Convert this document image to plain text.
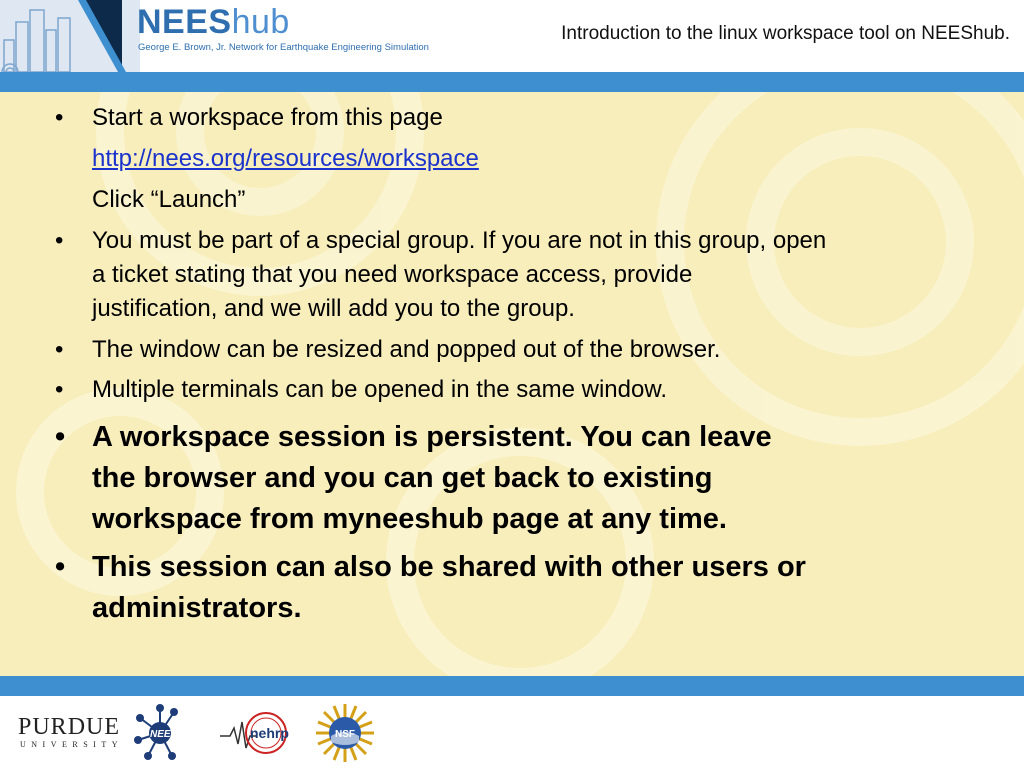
NEEShub
George E. Brown, Jr. Network for Earthquake Engineering Simulation
Introduction to the linux workspace tool on NEEShub.
• Start a workspace from this page
http://nees.org/resources/workspace
Click “Launch”
• You must be part of a special group. If you are not in this group, open
a ticket stating that you need workspace access, provide
justification, and we will add you to the group.
• The window can be resized and popped out of the browser.
• Multiple terminals can be opened in the same window.
• A workspace session is persistent. You can leave
the browser and you can get back to existing
workspace from myneeshub page at any time.
• This session can also be shared with other users or
administrators.
PURDUE
UNIVERSITY
NEEScomm	nehrp	NSF
